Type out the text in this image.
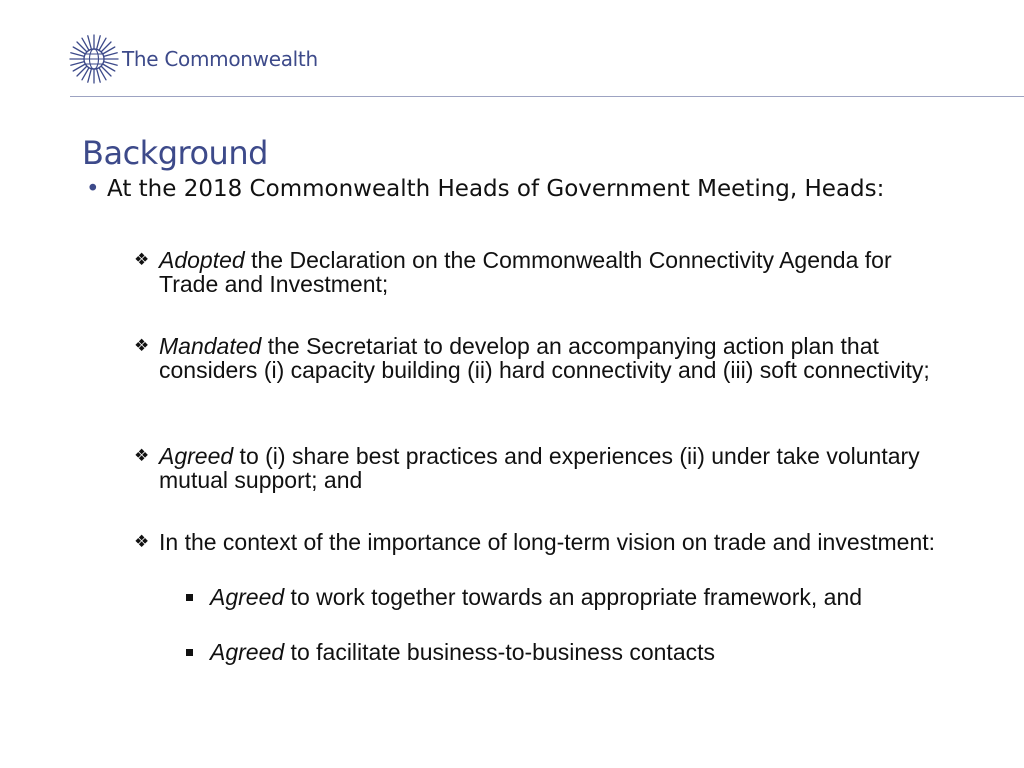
The Commonwealth
Background
• At the 2018 Commonwealth Heads of Government Meeting, Heads:
❖ Adopted the Declaration on the Commonwealth Connectivity Agenda for Trade and Investment;
❖ Mandated the Secretariat to develop an accompanying action plan that considers (i) capacity building (ii) hard connectivity and (iii) soft connectivity;
❖ Agreed to (i) share best practices and experiences (ii) under take voluntary mutual support; and
❖ In the context of the importance of long-term vision on trade and investment:
Agreed to work together towards an appropriate framework, and
Agreed to facilitate business-to-business contacts
